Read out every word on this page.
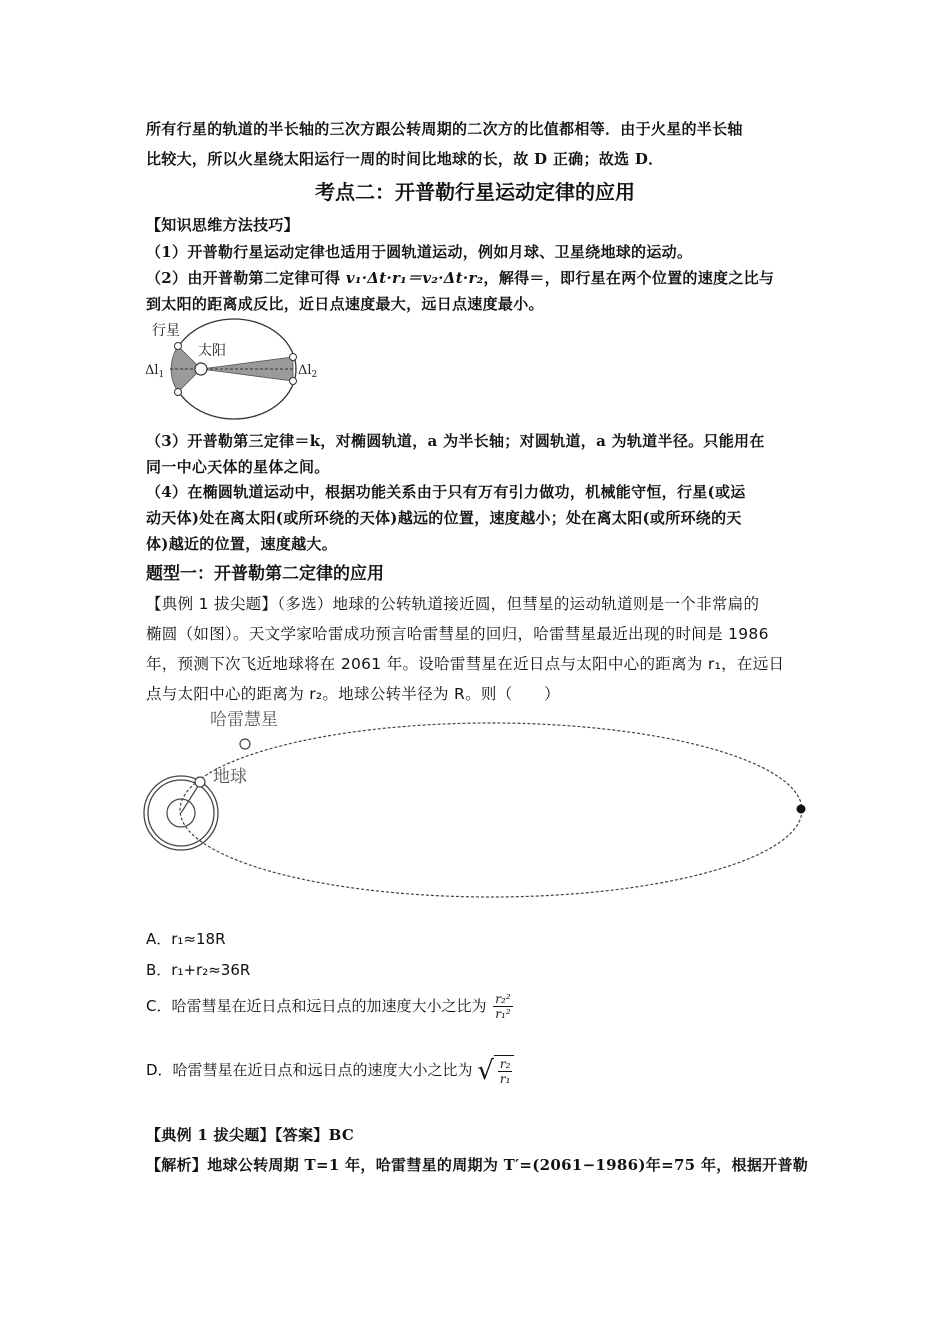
所有行星的轨道的半长轴的三次方跟公转周期的二次方的比值都相等．由于火星的半长轴
比较大，所以火星绕太阳运行一周的时间比地球的长，故 D 正确；故选 D．
考点二：开普勒行星运动定律的应用
【知识思维方法技巧】
（1）开普勒行星运动定律也适用于圆轨道运动，例如月球、卫星绕地球的运动。
（2）由开普勒第二定律可得 v₁·Δt·r₁＝v₂·Δt·r₂，解得＝，即行星在两个位置的速度之比与
到太阳的距离成反比，近日点速度最大，远日点速度最小。
行星
太阳
$\Delta l_1$	$\Delta l_2$
（3）开普勒第三定律＝k，对椭圆轨道，a 为半长轴；对圆轨道，a 为轨道半径。只能用在
同一中心天体的星体之间。
（4）在椭圆轨道运动中，根据功能关系由于只有万有引力做功，机械能守恒，行星(或运
动天体)处在离太阳(或所环绕的天体)越远的位置，速度越小；处在离太阳(或所环绕的天
体)越近的位置，速度越大。
题型一：开普勒第二定律的应用
【典例 1 拔尖题】（多选）地球的公转轨道接近圆，但彗星的运动轨道则是一个非常扁的
椭圆（如图）。天文学家哈雷成功预言哈雷彗星的回归，哈雷彗星最近出现的时间是 1986
年，预测下次飞近地球将在 2061 年。设哈雷彗星在近日点与太阳中心的距离为 r₁，在远日
点与太阳中心的距离为 r₂。地球公转半径为 R。则（　　）
哈雷慧星
地球
A．r₁≈18R
B．r₁+r₂≈36R
C．哈雷彗星在近日点和远日点的加速度大小之比为 $\frac{\text{r₂²}}{\text{r₁²}}$
D．哈雷彗星在近日点和远日点的速度大小之比为 √ $\frac{\text{r₂}}{\text{r₁}}$
【典例 1 拔尖题】【答案】BC
【解析】地球公转周期 T=1 年，哈雷彗星的周期为 T′=(2061−1986)年=75 年，根据开普勒
